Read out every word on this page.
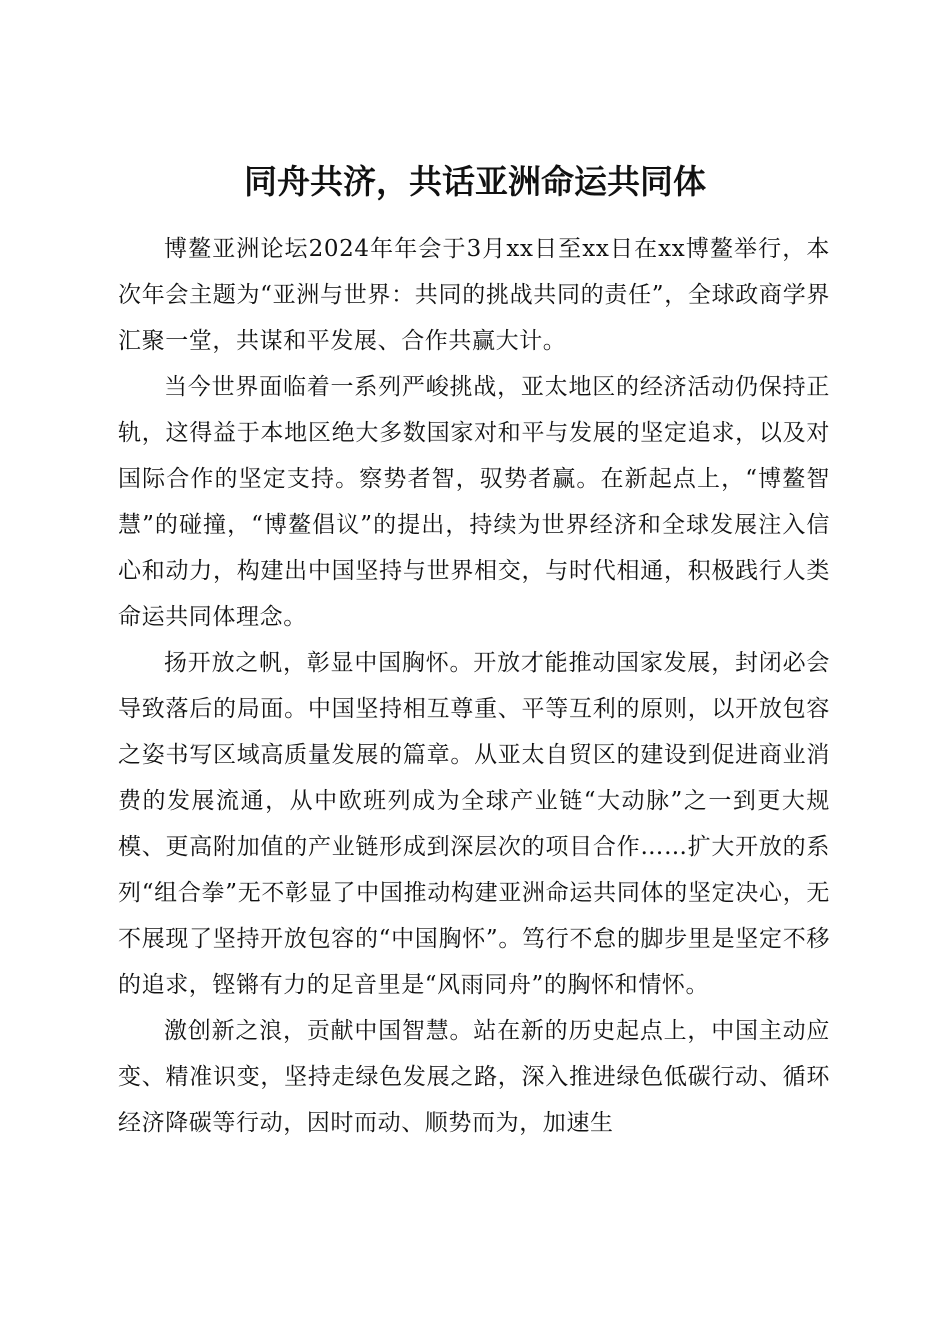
同舟共济，共话亚洲命运共同体

博鳌亚洲论坛2024年年会于3月xx日至xx日在xx博鳌举行，本次年会主题为“亚洲与世界：共同的挑战共同的责任”，全球政商学界汇聚一堂，共谋和平发展、合作共赢大计。

当今世界面临着一系列严峻挑战，亚太地区的经济活动仍保持正轨，这得益于本地区绝大多数国家对和平与发展的坚定追求，以及对国际合作的坚定支持。察势者智，驭势者赢。在新起点上，“博鳌智慧”的碰撞，“博鳌倡议”的提出，持续为世界经济和全球发展注入信心和动力，构建出中国坚持与世界相交，与时代相通，积极践行人类命运共同体理念。

扬开放之帆，彰显中国胸怀。开放才能推动国家发展，封闭必会导致落后的局面。中国坚持相互尊重、平等互利的原则，以开放包容之姿书写区域高质量发展的篇章。从亚太自贸区的建设到促进商业消费的发展流通，从中欧班列成为全球产业链“大动脉”之一到更大规模、更高附加值的产业链形成到深层次的项目合作……扩大开放的系列“组合拳”无不彰显了中国推动构建亚洲命运共同体的坚定决心，无不展现了坚持开放包容的“中国胸怀”。笃行不怠的脚步里是坚定不移的追求，铿锵有力的足音里是“风雨同舟”的胸怀和情怀。

激创新之浪，贡献中国智慧。站在新的历史起点上，中国主动应变、精准识变，坚持走绿色发展之路，深入推进绿色低碳行动、循环经济降碳等行动，因时而动、顺势而为，加速生
